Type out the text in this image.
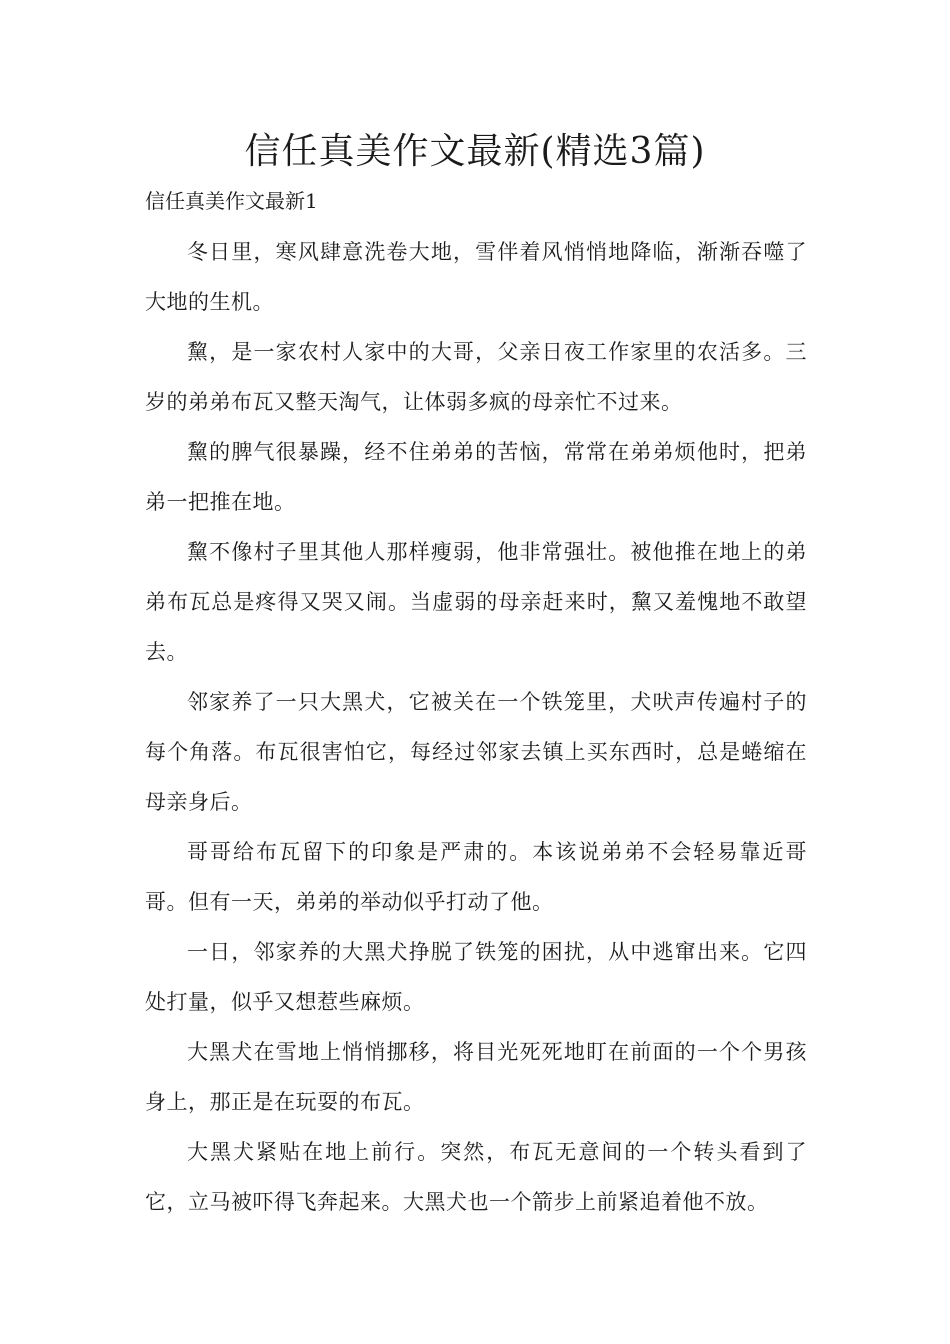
信任真美作文最新(精选3篇)

信任真美作文最新1

冬日里，寒风肆意洗卷大地，雪伴着风悄悄地降临，渐渐吞噬了大地的生机。

黧，是一家农村人家中的大哥，父亲日夜工作家里的农活多。三岁的弟弟布瓦又整天淘气，让体弱多疯的母亲忙不过来。

黧的脾气很暴躁，经不住弟弟的苦恼，常常在弟弟烦他时，把弟弟一把推在地。

黧不像村子里其他人那样瘦弱，他非常强壮。被他推在地上的弟弟布瓦总是疼得又哭又闹。当虚弱的母亲赶来时，黧又羞愧地不敢望去。

邻家养了一只大黑犬，它被关在一个铁笼里，犬吠声传遍村子的每个角落。布瓦很害怕它，每经过邻家去镇上买东西时，总是蜷缩在母亲身后。

哥哥给布瓦留下的印象是严肃的。本该说弟弟不会轻易靠近哥哥。但有一天，弟弟的举动似乎打动了他。

一日，邻家养的大黑犬挣脱了铁笼的困扰，从中逃窜出来。它四处打量，似乎又想惹些麻烦。

大黑犬在雪地上悄悄挪移，将目光死死地盯在前面的一个个男孩身上，那正是在玩耍的布瓦。

大黑犬紧贴在地上前行。突然，布瓦无意间的一个转头看到了它，立马被吓得飞奔起来。大黑犬也一个箭步上前紧追着他不放。
